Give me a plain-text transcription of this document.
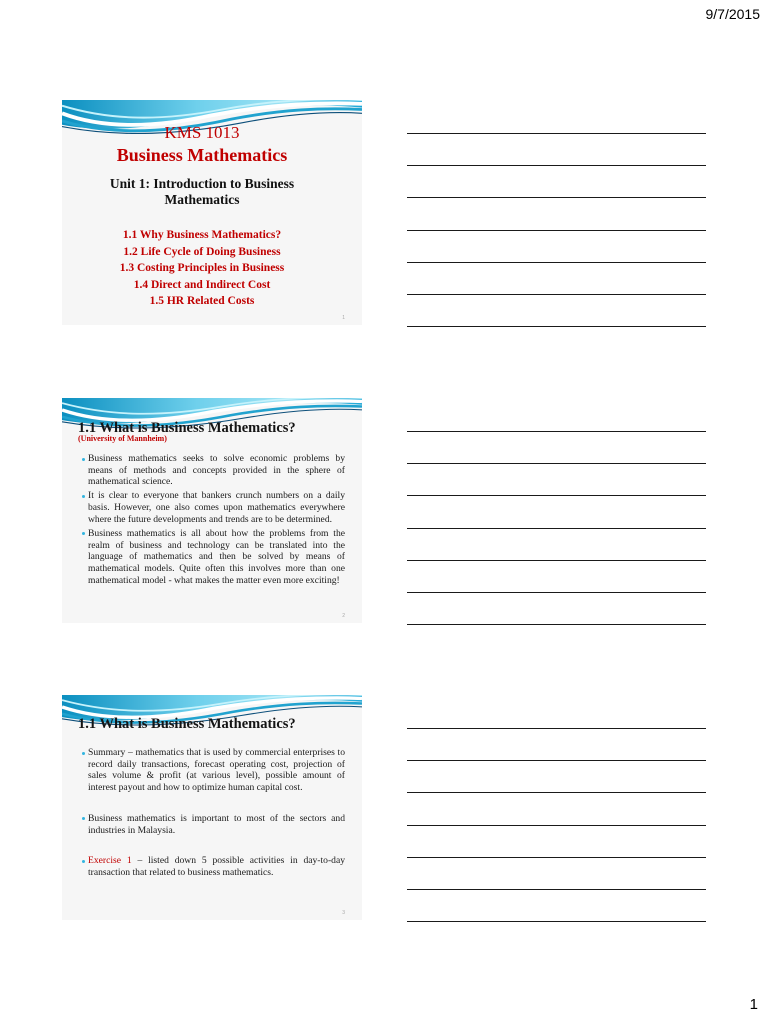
9/7/2015
KMS 1013
Business Mathematics
Unit 1: Introduction to Business
Mathematics
1.1 Why Business Mathematics?
1.2 Life Cycle of Doing Business
1.3 Costing Principles in Business
1.4 Direct and Indirect Cost
1.5 HR Related Costs
1
1.1 What is Business Mathematics?
(University of Mannheim)
Business mathematics seeks to solve economic problems by means of methods and concepts provided in the sphere of mathematical science.
It is clear to everyone that bankers crunch numbers on a daily basis. However, one also comes upon mathematics everywhere where the future developments and trends are to be determined.
Business mathematics is all about how the problems from the realm of business and technology can be translated into the language of mathematics and then be solved by means of mathematical models. Quite often this involves more than one mathematical model - what makes the matter even more exciting!
2
1.1 What is Business Mathematics?
Summary – mathematics that is used by commercial enterprises to record daily transactions, forecast operating cost, projection of sales volume & profit (at various level), possible amount of interest payout and how to optimize human capital cost.
Business mathematics is important to most of the sectors and industries in Malaysia.
Exercise 1 – listed down 5 possible activities in day-to-day transaction that related to business mathematics.
3
1
